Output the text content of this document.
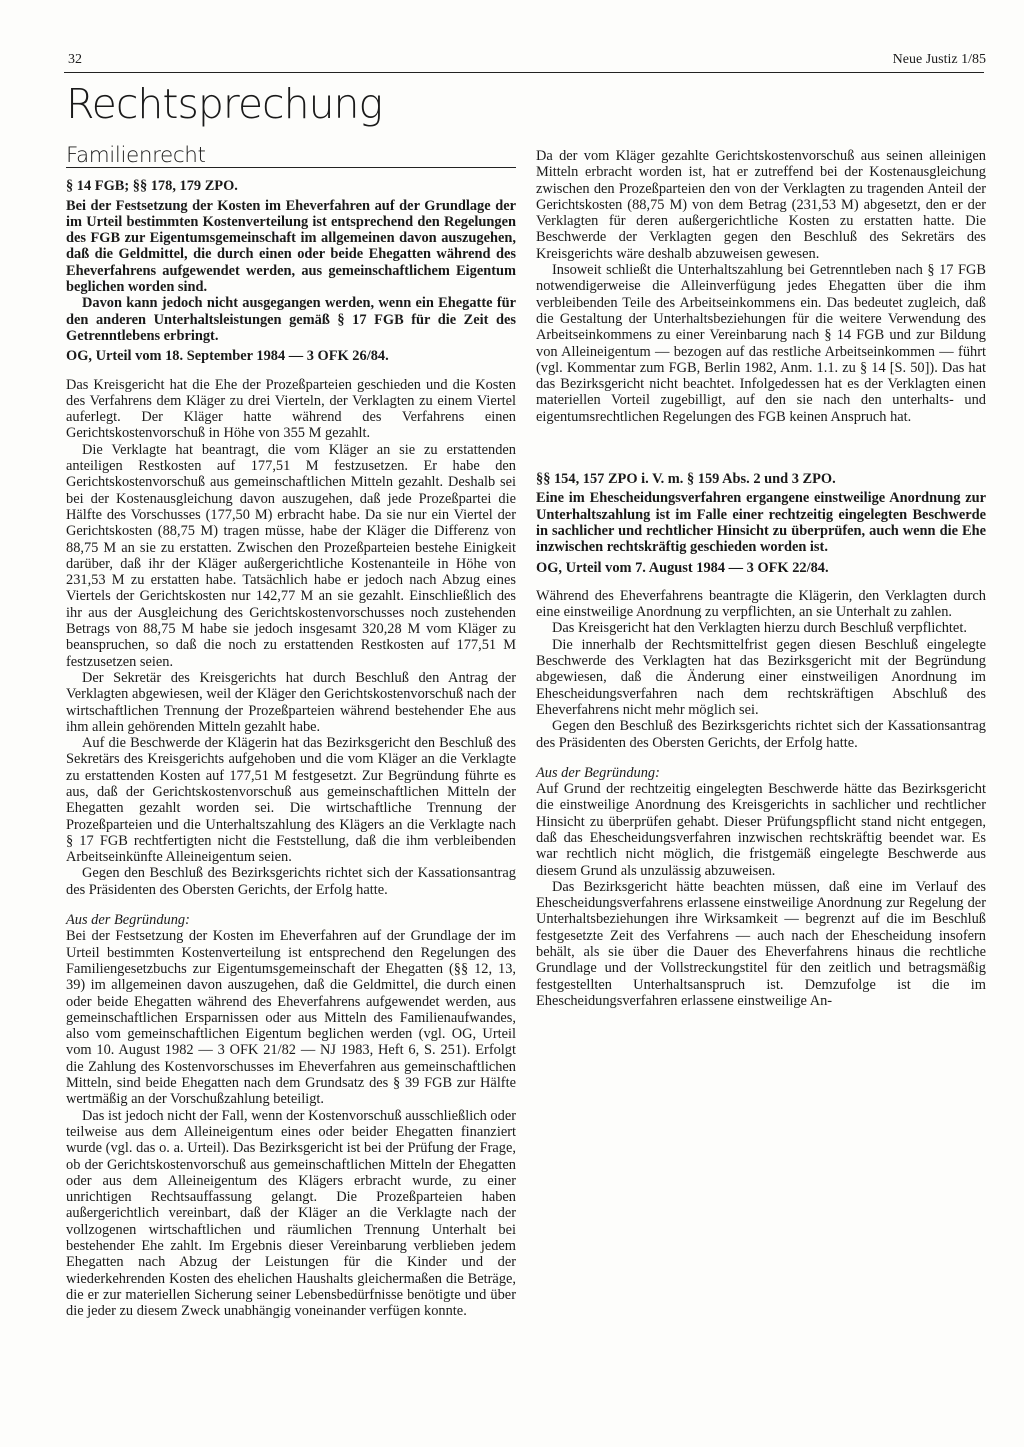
32	Neue Justiz 1/85
Rechtsprechung
Familienrecht
§ 14 FGB; §§ 178, 179 ZPO.

Bei der Festsetzung der Kosten im Eheverfahren auf der Grundlage der im Urteil bestimmten Kostenverteilung ist entsprechend den Regelungen des FGB zur Eigentumsgemeinschaft im allgemeinen davon auszugehen, daß die Geldmittel, die durch einen oder beide Ehegatten während des Eheverfahrens aufgewendet werden, aus gemeinschaftlichem Eigentum beglichen worden sind.

Davon kann jedoch nicht ausgegangen werden, wenn ein Ehegatte für den anderen Unterhaltsleistungen gemäß § 17 FGB für die Zeit des Getrenntlebens erbringt.

OG, Urteil vom 18. September 1984 — 3 OFK 26/84.

Das Kreisgericht hat die Ehe der Prozeßparteien geschieden und die Kosten des Verfahrens dem Kläger zu drei Vierteln, der Verklagten zu einem Viertel auferlegt. Der Kläger hatte während des Verfahrens einen Gerichtskostenvorschuß in Höhe von 355 M gezahlt.

Die Verklagte hat beantragt, die vom Kläger an sie zu erstattenden anteiligen Restkosten auf 177,51 M festzusetzen. Er habe den Gerichtskostenvorschuß aus gemeinschaftlichen Mitteln gezahlt. Deshalb sei bei der Kostenausgleichung davon auszugehen, daß jede Prozeßpartei die Hälfte des Vorschusses (177,50 M) erbracht habe. Da sie nur ein Viertel der Gerichtskosten (88,75 M) tragen müsse, habe der Kläger die Differenz von 88,75 M an sie zu erstatten. Zwischen den Prozeßparteien bestehe Einigkeit darüber, daß ihr der Kläger außergerichtliche Kostenanteile in Höhe von 231,53 M zu erstatten habe. Tatsächlich habe er jedoch nach Abzug eines Viertels der Gerichtskosten nur 142,77 M an sie gezahlt. Einschließlich des ihr aus der Ausgleichung des Gerichtskostenvorschusses noch zustehenden Betrags von 88,75 M habe sie jedoch insgesamt 320,28 M vom Kläger zu beanspruchen, so daß die noch zu erstattenden Restkosten auf 177,51 M festzusetzen seien.

Der Sekretär des Kreisgerichts hat durch Beschluß den Antrag der Verklagten abgewiesen, weil der Kläger den Gerichtskostenvorschuß nach der wirtschaftlichen Trennung der Prozeßparteien während bestehender Ehe aus ihm allein gehörenden Mitteln gezahlt habe.

Auf die Beschwerde der Klägerin hat das Bezirksgericht den Beschluß des Sekretärs des Kreisgerichts aufgehoben und die vom Kläger an die Verklagte zu erstattenden Kosten auf 177,51 M festgesetzt. Zur Begründung führte es aus, daß der Gerichtskostenvorschuß aus gemeinschaftlichen Mitteln der Ehegatten gezahlt worden sei. Die wirtschaftliche Trennung der Prozeßparteien und die Unterhaltszahlung des Klägers an die Verklagte nach § 17 FGB rechtfertigten nicht die Feststellung, daß die ihm verbleibenden Arbeitseinkünfte Alleineigentum seien.

Gegen den Beschluß des Bezirksgerichts richtet sich der Kassationsantrag des Präsidenten des Obersten Gerichts, der Erfolg hatte.

Aus der Begründung:

Bei der Festsetzung der Kosten im Eheverfahren auf der Grundlage der im Urteil bestimmten Kostenverteilung ist entsprechend den Regelungen des Familiengesetzbuchs zur Eigentumsgemeinschaft der Ehegatten (§§ 12, 13, 39) im allgemeinen davon auszugehen, daß die Geldmittel, die durch einen oder beide Ehegatten während des Eheverfahrens aufgewendet werden, aus gemeinschaftlichen Ersparnissen oder aus Mitteln des Familienaufwandes, also vom gemeinschaftlichen Eigentum beglichen werden (vgl. OG, Urteil vom 10. August 1982 — 3 OFK 21/82 — NJ 1983, Heft 6, S. 251). Erfolgt die Zahlung des Kostenvorschusses im Eheverfahren aus gemeinschaftlichen Mitteln, sind beide Ehegatten nach dem Grundsatz des § 39 FGB zur Hälfte wertmäßig an der Vorschußzahlung beteiligt.

Das ist jedoch nicht der Fall, wenn der Kostenvorschuß ausschließlich oder teilweise aus dem Alleineigentum eines oder beider Ehegatten finanziert wurde (vgl. das o. a. Urteil). Das Bezirksgericht ist bei der Prüfung der Frage, ob der Gerichtskostenvorschuß aus gemeinschaftlichen Mitteln der Ehegatten oder aus dem Alleineigentum des Klägers erbracht wurde, zu einer unrichtigen Rechtsauffassung gelangt. Die Prozeßparteien haben außergerichtlich vereinbart, daß der Kläger an die Verklagte nach der vollzogenen wirtschaftlichen und räumlichen Trennung Unterhalt bei bestehender Ehe zahlt. Im Ergebnis dieser Vereinbarung verblieben jedem Ehegatten nach Abzug der Leistungen für die Kinder und der wiederkehrenden Kosten des ehelichen Haushalts gleichermaßen die Beträge, die er zur materiellen Sicherung seiner Lebensbedürfnisse benötigte und über die jeder zu diesem Zweck unabhängig voneinander verfügen konnte.

Da der vom Kläger gezahlte Gerichtskostenvorschuß aus seinen alleinigen Mitteln erbracht worden ist, hat er zutreffend bei der Kostenausgleichung zwischen den Prozeßparteien den von der Verklagten zu tragenden Anteil der Gerichtskosten (88,75 M) von dem Betrag (231,53 M) abgesetzt, den er der Verklagten für deren außergerichtliche Kosten zu erstatten hatte. Die Beschwerde der Verklagten gegen den Beschluß des Sekretärs des Kreisgerichts wäre deshalb abzuweisen gewesen.

Insoweit schließt die Unterhaltszahlung bei Getrenntleben nach § 17 FGB notwendigerweise die Alleinverfügung jedes Ehegatten über die ihm verbleibenden Teile des Arbeitseinkommens ein. Das bedeutet zugleich, daß die Gestaltung der Unterhaltsbeziehungen für die weitere Verwendung des Arbeitseinkommens zu einer Vereinbarung nach § 14 FGB und zur Bildung von Alleineigentum — bezogen auf das restliche Arbeitseinkommen — führt (vgl. Kommentar zum FGB, Berlin 1982, Anm. 1.1. zu § 14 [S. 50]). Das hat das Bezirksgericht nicht beachtet. Infolgedessen hat es der Verklagten einen materiellen Vorteil zugebilligt, auf den sie nach den unterhalts- und eigentumsrechtlichen Regelungen des FGB keinen Anspruch hat.

§§ 154, 157 ZPO i. V. m. § 159 Abs. 2 und 3 ZPO.

Eine im Ehescheidungsverfahren ergangene einstweilige Anordnung zur Unterhaltszahlung ist im Falle einer rechtzeitig eingelegten Beschwerde in sachlicher und rechtlicher Hinsicht zu überprüfen, auch wenn die Ehe inzwischen rechtskräftig geschieden worden ist.

OG, Urteil vom 7. August 1984 — 3 OFK 22/84.

Während des Eheverfahrens beantragte die Klägerin, den Verklagten durch eine einstweilige Anordnung zu verpflichten, an sie Unterhalt zu zahlen.

Das Kreisgericht hat den Verklagten hierzu durch Beschluß verpflichtet.

Die innerhalb der Rechtsmittelfrist gegen diesen Beschluß eingelegte Beschwerde des Verklagten hat das Bezirksgericht mit der Begründung abgewiesen, daß die Änderung einer einstweiligen Anordnung im Ehescheidungsverfahren nach dem rechtskräftigen Abschluß des Eheverfahrens nicht mehr möglich sei.

Gegen den Beschluß des Bezirksgerichts richtet sich der Kassationsantrag des Präsidenten des Obersten Gerichts, der Erfolg hatte.

Aus der Begründung:

Auf Grund der rechtzeitig eingelegten Beschwerde hätte das Bezirksgericht die einstweilige Anordnung des Kreisgerichts in sachlicher und rechtlicher Hinsicht zu überprüfen gehabt. Dieser Prüfungspflicht stand nicht entgegen, daß das Ehescheidungsverfahren inzwischen rechtskräftig beendet war. Es war rechtlich nicht möglich, die fristgemäß eingelegte Beschwerde aus diesem Grund als unzulässig abzuweisen.

Das Bezirksgericht hätte beachten müssen, daß eine im Verlauf des Ehescheidungsverfahrens erlassene einstweilige Anordnung zur Regelung der Unterhaltsbeziehungen ihre Wirksamkeit — begrenzt auf die im Beschluß festgesetzte Zeit des Verfahrens — auch nach der Ehescheidung insofern behält, als sie über die Dauer des Eheverfahrens hinaus die rechtliche Grundlage und der Vollstreckungstitel für den zeitlich und betragsmäßig festgestellten Unterhaltsanspruch ist. Demzufolge ist die im Ehescheidungsverfahren erlassene einstweilige An-
